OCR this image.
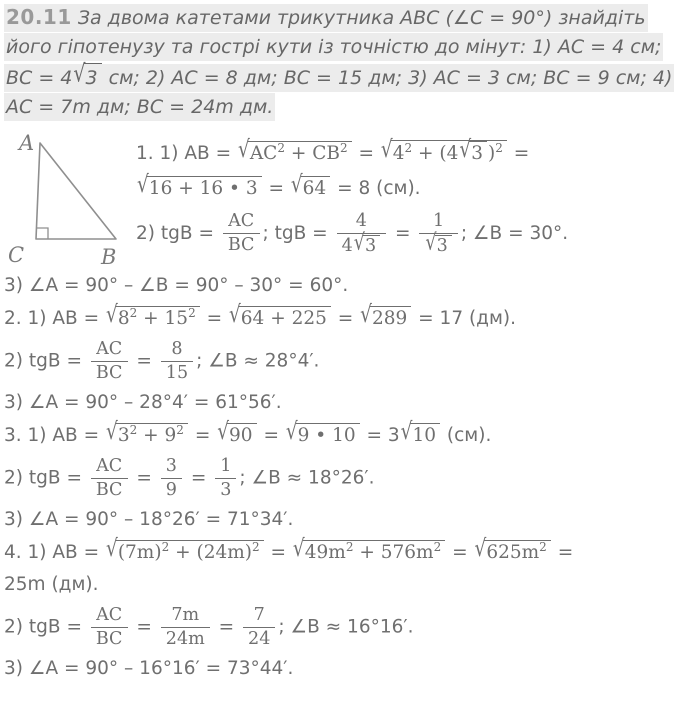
20.11 За двома катетами трикутника ABC (∠C = 90°) знайдіть його гіпотенузу та гострі кути із точністю до мінут: 1) AC = 4 см; BC = 4√3 см; 2) AC = 8 дм; BC = 15 дм; 3) AC = 3 см; BC = 9 см; 4) AC = 7m дм; BC = 24m дм.

A
C	B
1. 1) AB = $√AC^2 + CB^2 = √4^2 + (4√3$ )$^2$ =
√16 + 16 • 3 = √64 = 8 (см).
2) tgB = $\frac{AC}{BC}$ ; tgB = $\frac{4}{4√3} = \frac{1}{√3}$ ; ∠B = 30°.
3) ∠A = 90° – ∠B = 90° – 30° = 60°.
2. 1) AB = $√8^2 + 15^2 = √64 + 225 = √289 = 17$ (дм).
2) tgB = $\frac{AC}{BC} = \frac{8}{15}$ ; ∠B ≈ 28°4′.
3) ∠A = 90° – 28°4′ = 61°56′.
3. 1) AB = $√3^2 + 9^2 = √90 = √9$ • 10 = 3√10 (см).
2) tgB = $\frac{AC}{BC} = \frac{3}{9} = \frac{1}{3}$ ; ∠B ≈ 18°26′.
3) ∠A = 90° – 18°26′ = 71°34′.
4. 1) AB = $√(7m)^2 + (24m)^2 = √49m^2 + 576m^2 = √625m^2$ =
25m (дм).
2) tgB = $\frac{AC}{BC} = \frac{7m}{24m} = \frac{7}{24}$ ; ∠B ≈ 16°16′.
3) ∠A = 90° – 16°16′ = 73°44′.
